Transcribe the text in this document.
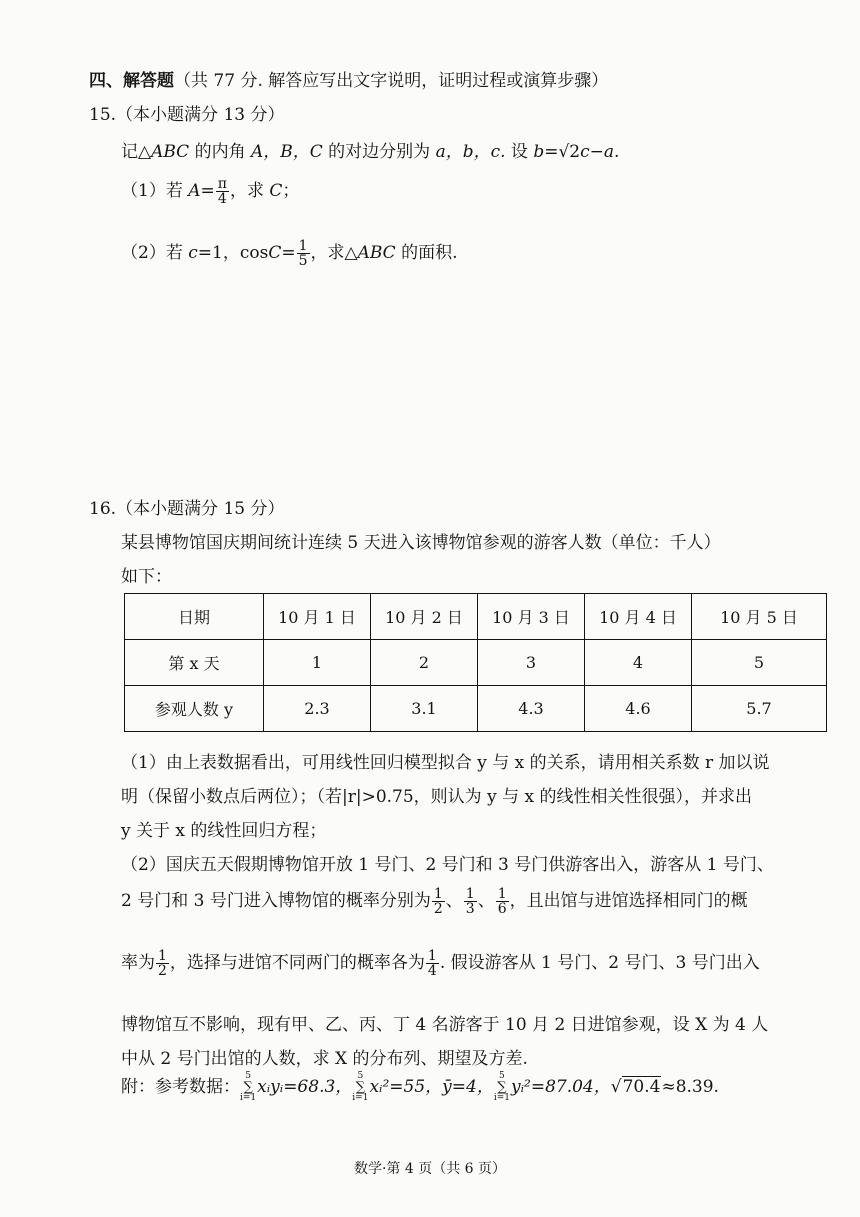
四、解答题（共 77 分. 解答应写出文字说明，证明过程或演算步骤）
15.（本小题满分 13 分）
记△ABC 的内角 A，B，C 的对边分别为 a，b，c. 设 b=√2c−a.
（1）若 $A= \frac{\pi}{4}$ ，求 C；
（2）若 c=1，$\cos C= \frac{1}{5}$ ，求△ABC 的面积.
16.（本小题满分 15 分）
某县博物馆国庆期间统计连续 5 天进入该博物馆参观的游客人数（单位：千人）
如下：
日期	10 月 1 日	10 月 2 日	10 月 3 日	10 月 4 日	10 月 5 日
第 x 天	1	2	3	4	5
参观人数 y	2.3	3.1	4.3	4.6	5.7
（1）由上表数据看出，可用线性回归模型拟合 y 与 x 的关系，请用相关系数 r 加以说
明（保留小数点后两位）；（若|r|>0.75，则认为 y 与 x 的线性相关性很强），并求出
y 关于 x 的线性回归方程；
（2）国庆五天假期博物馆开放 1 号门、2 号门和 3 号门供游客出入，游客从 1 号门、
2 号门和 3 号门进入博物馆的概率分别为 $\frac{1}{2}$ 、 $\frac{1}{3}$ 、 $\frac{1}{6}$ ，且出馆与进馆选择相同门的概
率为 $\frac{1}{2}$ ，选择与进馆不同两门的概率各为 $\frac{1}{4}$ . 假设游客从 1 号门、2 号门、3 号门出入
博物馆互不影响，现有甲、乙、丙、丁 4 名游客于 10 月 2 日进馆参观，设 X 为 4 人
中从 2 号门出馆的人数，求 X 的分布列、期望及方差.
附：参考数据：5
∑
i=1xᵢyᵢ=68.3，5
∑
i=1xᵢ²=55，ȳ=4，5
∑
i=1yᵢ²=87.04，√70.4≈8.39.
数学·第 4 页（共 6 页）
